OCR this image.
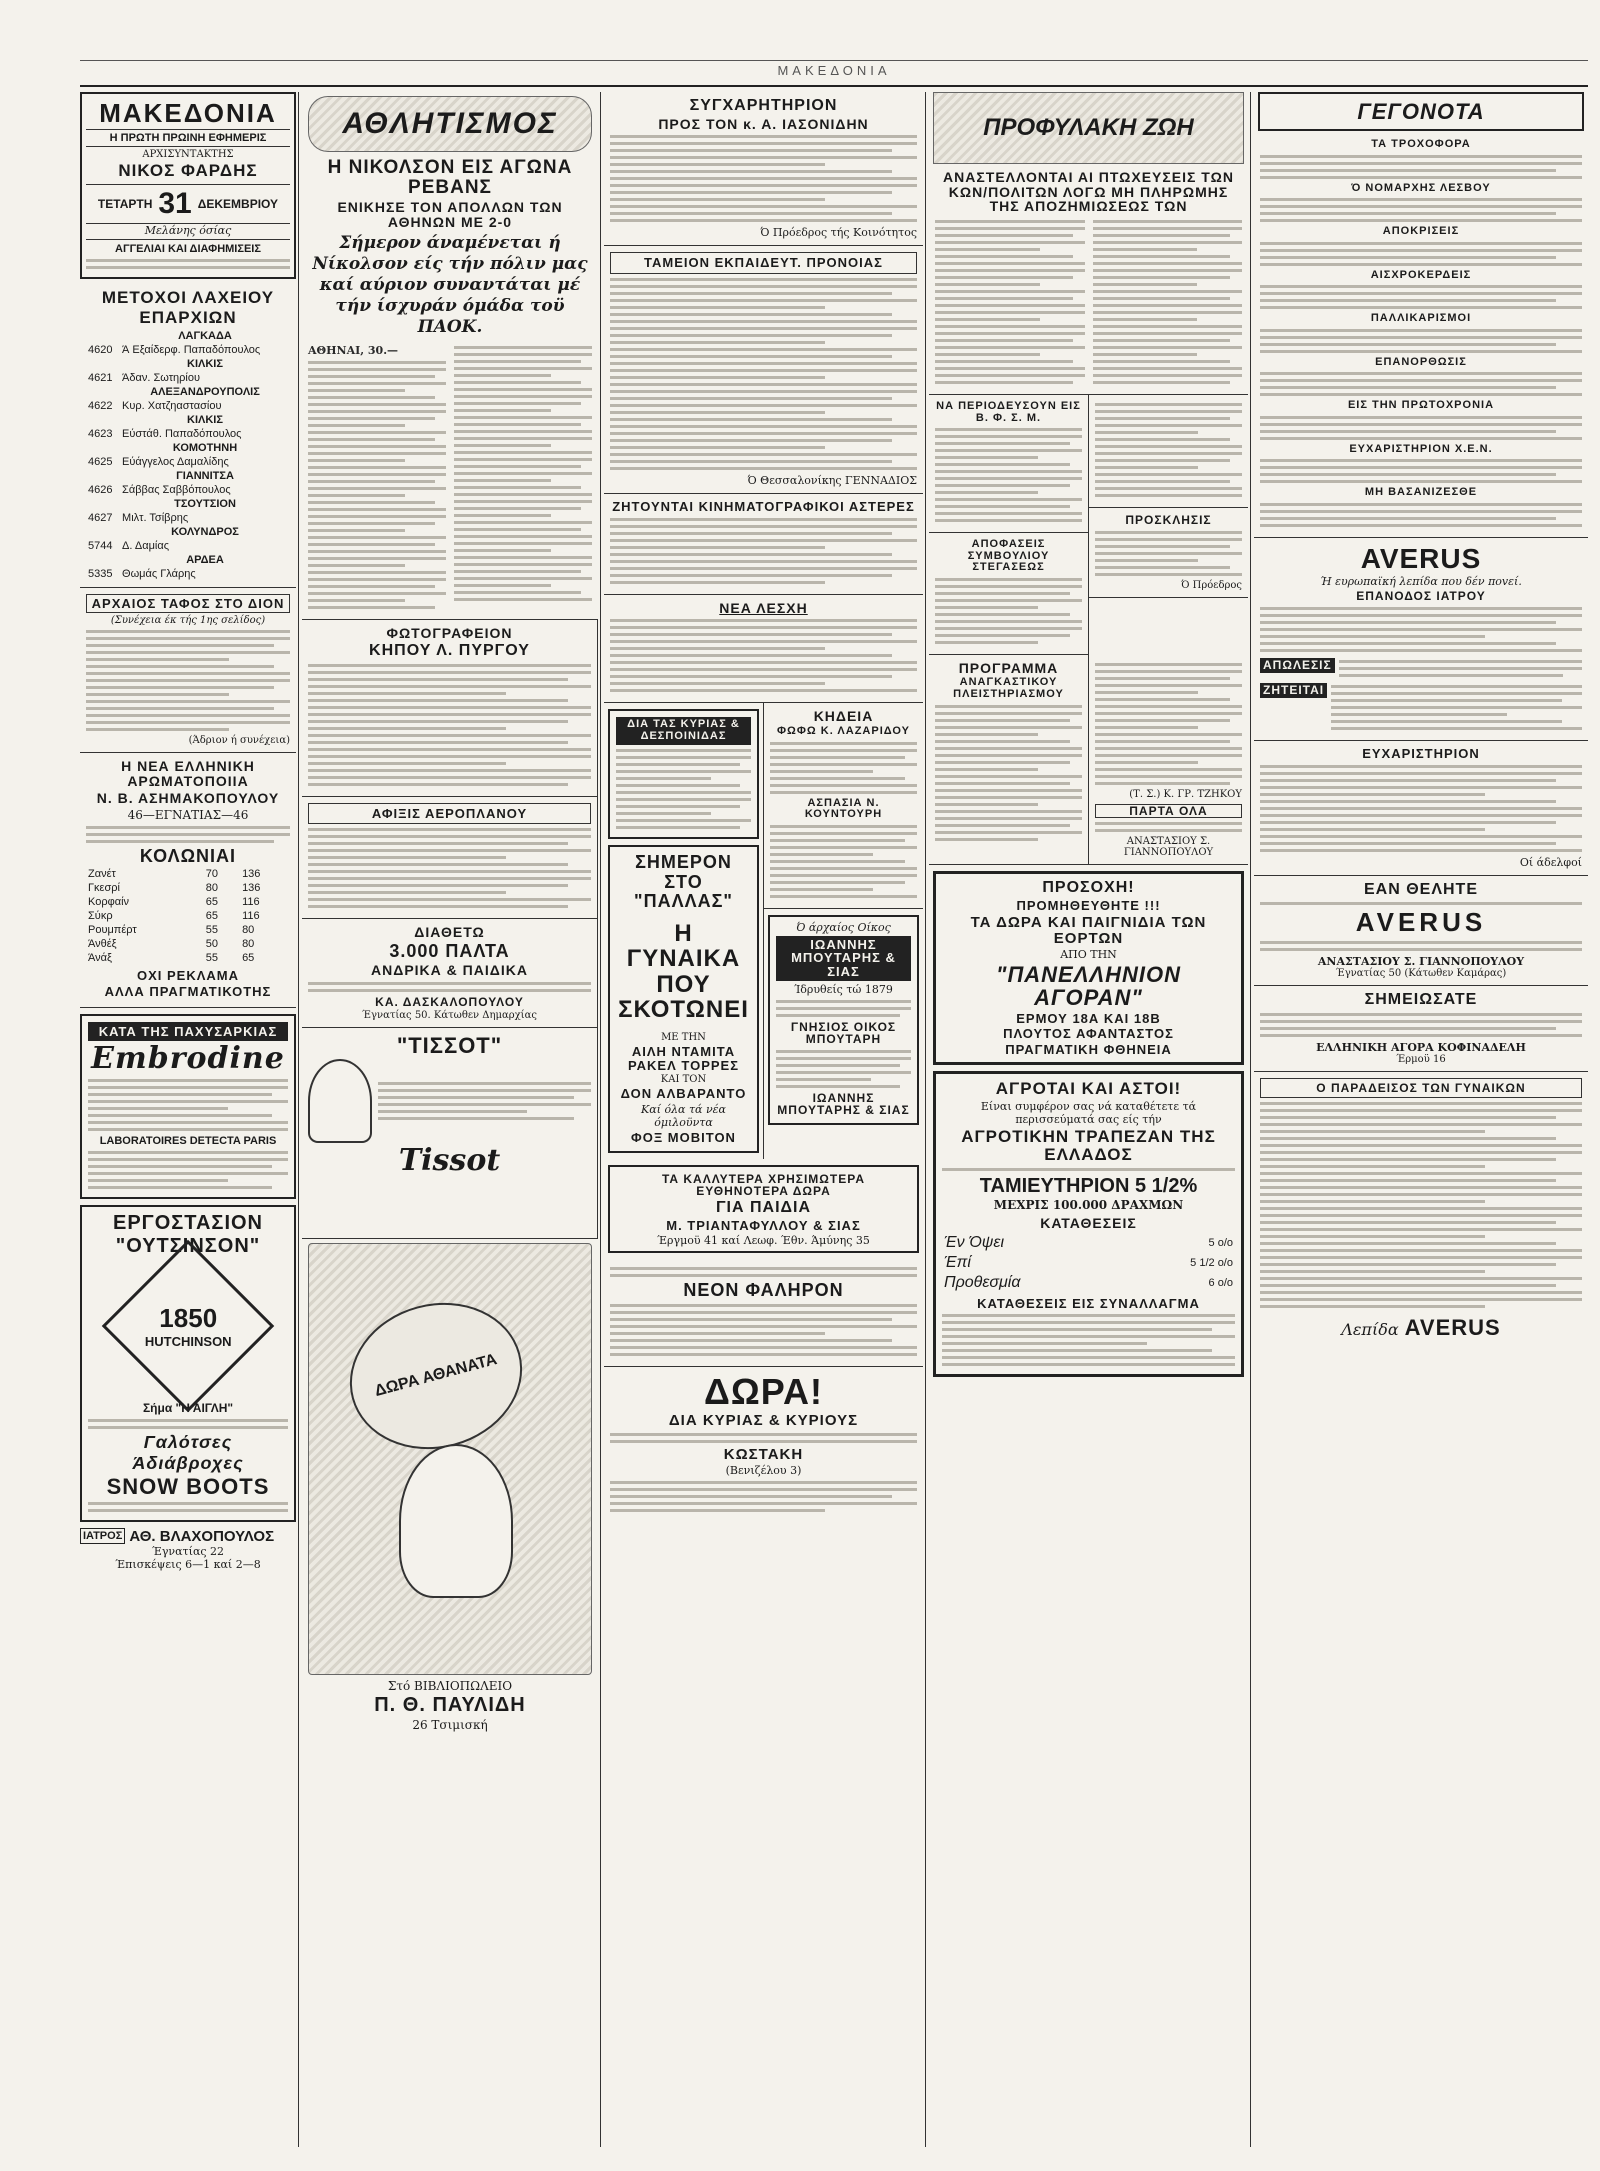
ΜΑΚΕΔΟΝΙΑ
ΜΑΚΕΔΟΝΙΑ
Η ΠΡΩΤΗ ΠΡΩΙΝΗ ΕΦΗΜΕΡΙΣ
ΑΡΧΙΣΥΝΤΑΚΤΗΣ
ΝΙΚΟΣ ΦΑΡΔΗΣ
ΤΕΤΑΡΤΗ 31 ΔΕΚΕΜΒΡΙΟΥ
Μελάνης όσίας
ΑΓΓΕΛΙΑΙ ΚΑΙ ΔΙΑΦΗΜΙΣΕΙΣ
ΜΕΤΟΧΟΙ ΛΑΧΕΙΟΥ
ΕΠΑΡΧΙΩΝ
	ΛΑΓΚΑΔΑ
4620	Ά Εξαίδερφ. Παπαδόπουλος
	ΚΙΛΚΙΣ
4621	Άδαν. Σωτηρίου
	ΑΛΕΞΑΝΔΡΟΥΠΟΛΙΣ
4622	Κυρ. Χατζηαστασίου
	ΚΙΛΚΙΣ
4623	Εύστάθ. Παπαδόπουλος
	ΚΟΜΟΤΗΝΗ
4625	Εύάγγελος Δαμαλίδης
	ΓΙΑΝΝΙΤΣΑ
4626	Σάββας Σαββόπουλος
	ΤΣΟΥΤΣΙΟΝ
4627	Μιλτ. Τσίβρης
	ΚΟΛΥΝΔΡΟΣ
5744	Δ. Δαμίας
	ΑΡΔΕΑ
5335	Θωμάς Γλάρης
ΑΡΧΑΙΟΣ ΤΑΦΟΣ ΣΤΟ ΔΙΟΝ
(Συνέχεια έκ τής 1ης σελίδος)
(Άδριον ή συνέχεια)
Η ΝΕΑ ΕΛΛΗΝΙΚΗ ΑΡΩΜΑΤΟΠΟΙΙΑ
Ν. Β. ΑΣΗΜΑΚΟΠΟΥΛΟΥ
46—ΕΓΝΑΤΙΑΣ—46
ΚΟΛΩΝΙΑΙ
Ζανέτ	70	136
Γκεσρί	80	136
Κορφαίν	65	116
Σύκρ	65	116
Ρουμπέρτ	55	80
Άνθέξ	50	80
Άνάξ	55	65
ΟΧΙ ΡΕΚΛΑΜΑ
ΑΛΛΑ ΠΡΑΓΜΑΤΙΚΟΤΗΣ
ΚΑΤΑ ΤΗΣ ΠΑΧΥΣΑΡΚΙΑΣ
Embrodine
LABORATOIRES DETECTA PARIS
ΕΡΓΟΣΤΑΣΙΟΝ
"ΟΥΤΣΙΝΣΟΝ"
1850
HUTCHINSON
Σήμα "Η ΑΙΓΛΗ"
Γαλότσες
Άδιάβροχες
SNOW BOOTS
ΙΑΤΡΟΣ ΑΘ. ΒΛΑΧΟΠΟΥΛΟΣ
Έγνατίας 22
Έπισκέψεις 6—1 καί 2—8
ΑΘΛΗΤΙΣΜΟΣ
Η ΝΙΚΟΛΣΟΝ ΕΙΣ ΑΓΩΝΑ ΡΕΒΑΝΣ
ΕΝΙΚΗΣΕ ΤΟΝ ΑΠΟΛΛΩΝ ΤΩΝ ΑΘΗΝΩΝ ΜΕ 2-0
Σήμερον άναμένεται ή Νίκολσον είς τήν πόλιν μας καί αύριον συναντάται μέ τήν ίσχυράν όμάδα τοϋ ΠΑΟΚ.
ΑΘΗΝΑΙ, 30.—
ΦΩΤΟΓΡΑΦΕΙΟΝ
ΚΗΠΟΥ Λ. ΠΥΡΓΟΥ
ΑΦΙΞΙΣ ΑΕΡΟΠΛΑΝΟΥ
ΔΙΑΘΕΤΩ
3.000 ΠΑΛΤΑ
ΑΝΔΡΙΚΑ & ΠΑΙΔΙΚΑ
ΚΑ. ΔΑΣΚΑΛΟΠΟΥΛΟΥ
Έγνατίας 50. Κάτωθεν Δημαρχίας
"ΤΙΣΣΟΤ"
Tissot
ΔΩΡΑ ΑΘΑΝΑΤΑ
Στό ΒΙΒΛΙΟΠΩΛΕΙΟ
Π. Θ. ΠΑΥΛΙΔΗ
26 Τσιμισκή
ΣΥΓΧΑΡΗΤΗΡΙΟΝ
ΠΡΟΣ ΤΟΝ κ. Α. ΙΑΣΟΝΙΔΗΝ
Ό Πρόεδρος τής Κοινότητος
ΤΑΜΕΙΟΝ ΕΚΠΑΙΔΕΥΤ. ΠΡΟΝΟΙΑΣ
Ό Θεσσαλονίκης ΓΕΝΝΑΔΙΟΣ
ΖΗΤΟΥΝΤΑΙ ΚΙΝΗΜΑΤΟΓΡΑΦΙΚΟΙ ΑΣΤΕΡΕΣ
ΝΕΑ ΛΕΣΧΗ
ΔΙΑ ΤΑΣ ΚΥΡΙΑΣ & ΔΕΣΠΟΙΝΙΔΑΣ
ΣΗΜΕΡΟΝ
ΣΤΟ "ΠΑΛΛΑΣ"
Η ΓΥΝΑΙΚΑ ΠΟΥ ΣΚΟΤΩΝΕΙ
ΜΕ ΤΗΝ
ΑΙΛΗ ΝΤΑΜΙΤΑ ΡΑΚΕΛ ΤΟΡΡΕΣ
ΚΑΙ ΤΟΝ
ΔΟΝ ΑΛΒΑΡΑΝΤΟ
Καί όλα τά νέα όμιλοϋντα
ΦΟΞ ΜΟΒΙΤΟΝ
ΚΗΔΕΙΑ
ΦΩΦΩ Κ. ΛΑΖΑΡΙΔΟΥ
ΑΣΠΑΣΙΑ Ν. ΚΟΥΝΤΟΥΡΗ
Ό άρχαίος Οίκος
ΙΩΑΝΝΗΣ ΜΠΟΥΤΑΡΗΣ & ΣΙΑΣ
Ίδρυθείς τώ 1879
ΓΝΗΣΙΟΣ ΟΙΚΟΣ ΜΠΟΥΤΑΡΗ
ΙΩΑΝΝΗΣ ΜΠΟΥΤΑΡΗΣ & ΣΙΑΣ
ΤΑ ΚΑΛΛΥΤΕΡΑ ΧΡΗΣΙΜΩΤΕΡΑ ΕΥΘΗΝΟΤΕΡΑ ΔΩΡΑ
ΓΙΑ ΠΑΙΔΙΑ
Μ. ΤΡΙΑΝΤΑΦΥΛΛΟΥ & ΣΙΑΣ
Έργμοϋ 41 καί Λεωφ. Έθν. Άμύνης 35
ΝΕΟΝ ΦΑΛΗΡΟΝ
ΔΩΡΑ!
ΔΙΑ ΚΥΡΙΑΣ & ΚΥΡΙΟΥΣ
ΚΩΣΤΑΚΗ
(Βενιζέλου 3)
ΠΡΟΦΥΛΑΚΗ ΖΩΗ
ΑΝΑΣΤΕΛΛΟΝΤΑΙ ΑΙ ΠΤΩΧΕΥΣΕΙΣ ΤΩΝ ΚΩΝ/ΠΟΛΙΤΩΝ ΛΟΓΩ ΜΗ ΠΛΗΡΩΜΗΣ ΤΗΣ ΑΠΟΖΗΜΙΩΣΕΩΣ ΤΩΝ
ΝΑ ΠΕΡΙΟΔΕΥΣΟΥΝ ΕΙΣ Β. Φ. Σ. Μ.
ΑΠΟΦΑΣΕΙΣ ΣΥΜΒΟΥΛΙΟΥ ΣΤΕΓΑΣΕΩΣ
ΠΡΟΣΚΛΗΣΙΣ
Ό Πρόεδρος
ΠΡΟΓΡΑΜΜΑ
ΑΝΑΓΚΑΣΤΙΚΟΥ ΠΛΕΙΣΤΗΡΙΑΣΜΟΥ
(Τ. Σ.) Κ. ΓΡ. ΤΖΗΚΟΥ
ΠΑΡΤΑ ΟΛΑ
ΑΝΑΣΤΑΣΙΟΥ Σ. ΓΙΑΝΝΟΠΟΥΛΟΥ
ΠΡΟΣΟΧΗ!
ΠΡΟΜΗΘΕΥΘΗΤΕ !!!
ΤΑ ΔΩΡΑ ΚΑΙ ΠΑΙΓΝΙΔΙΑ ΤΩΝ ΕΟΡΤΩΝ
ΑΠΟ ΤΗΝ
"ΠΑΝΕΛΛΗΝΙΟΝ ΑΓΟΡΑΝ"
ΕΡΜΟΥ 18Α ΚΑΙ 18Β
ΠΛΟΥΤΟΣ ΑΦΑΝΤΑΣΤΟΣ
ΠΡΑΓΜΑΤΙΚΗ ΦΘΗΝΕΙΑ
ΑΓΡΟΤΑΙ ΚΑΙ ΑΣΤΟΙ!
Είναι συμφέρον σας νά καταθέτετε τά περισσεύματά σας είς τήν
ΑΓΡΟΤΙΚΗΝ ΤΡΑΠΕΖΑΝ ΤΗΣ ΕΛΛΑΔΟΣ
ΤΑΜΙΕΥΤΗΡΙΟΝ 5 1/2%
ΜΕΧΡΙΣ 100.000 ΔΡΑΧΜΩΝ
ΚΑΤΑΘΕΣΕΙΣ
Έν Όψει	5 ο/ο
Έπί	5 1/2 ο/ο
Προθεσμία	6 ο/ο
ΚΑΤΑΘΕΣΕΙΣ ΕΙΣ ΣΥΝΑΛΛΑΓΜΑ
ΓΕΓΟΝΟΤΑ
ΤΑ ΤΡΟΧΟΦΟΡΑ
Ό ΝΟΜΑΡΧΗΣ ΛΕΣΒΟΥ
ΑΠΟΚΡΙΣΕΙΣ
ΑΙΣΧΡΟΚΕΡΔΕΙΣ
ΠΑΛΛΙΚΑΡΙΣΜΟΙ
ΕΠΑΝΟΡΘΩΣΙΣ
ΕΙΣ ΤΗΝ ΠΡΩΤΟΧΡΟΝΙΑ
ΕΥΧΑΡΙΣΤΗΡΙΟΝ Χ.Ε.Ν.
ΜΗ ΒΑΣΑΝΙΖΕΣΘΕ
AVERUS
Ή ευρωπαϊκή λεπίδα που δέν ποvεί.
ΕΠΑΝΟΔΟΣ ΙΑΤΡΟΥ
ΑΠΩΛΕΣΙΣ
ΖΗΤΕΙΤΑΙ
ΕΥΧΑΡΙΣΤΗΡΙΟΝ
Οί άδελφοί
ΕΑΝ ΘΕΛΗΤΕ
AVERUS
ΑΝΑΣΤΑΣΙΟΥ Σ. ΓΙΑΝΝΟΠΟΥΛΟΥ
Έγνατίας 50 (Κάτωθεν Καμάρας)
ΣΗΜΕΙΩΣΑΤΕ
ΕΛΛΗΝΙΚΗ ΑΓΟΡΑ ΚΟΦΙΝΑΔΕΛΗ
Έρμοϋ 16
Ο ΠΑΡΑΔΕΙΣΟΣ ΤΩΝ ΓΥΝΑΙΚΩΝ
Λεπίδα AVERUS
